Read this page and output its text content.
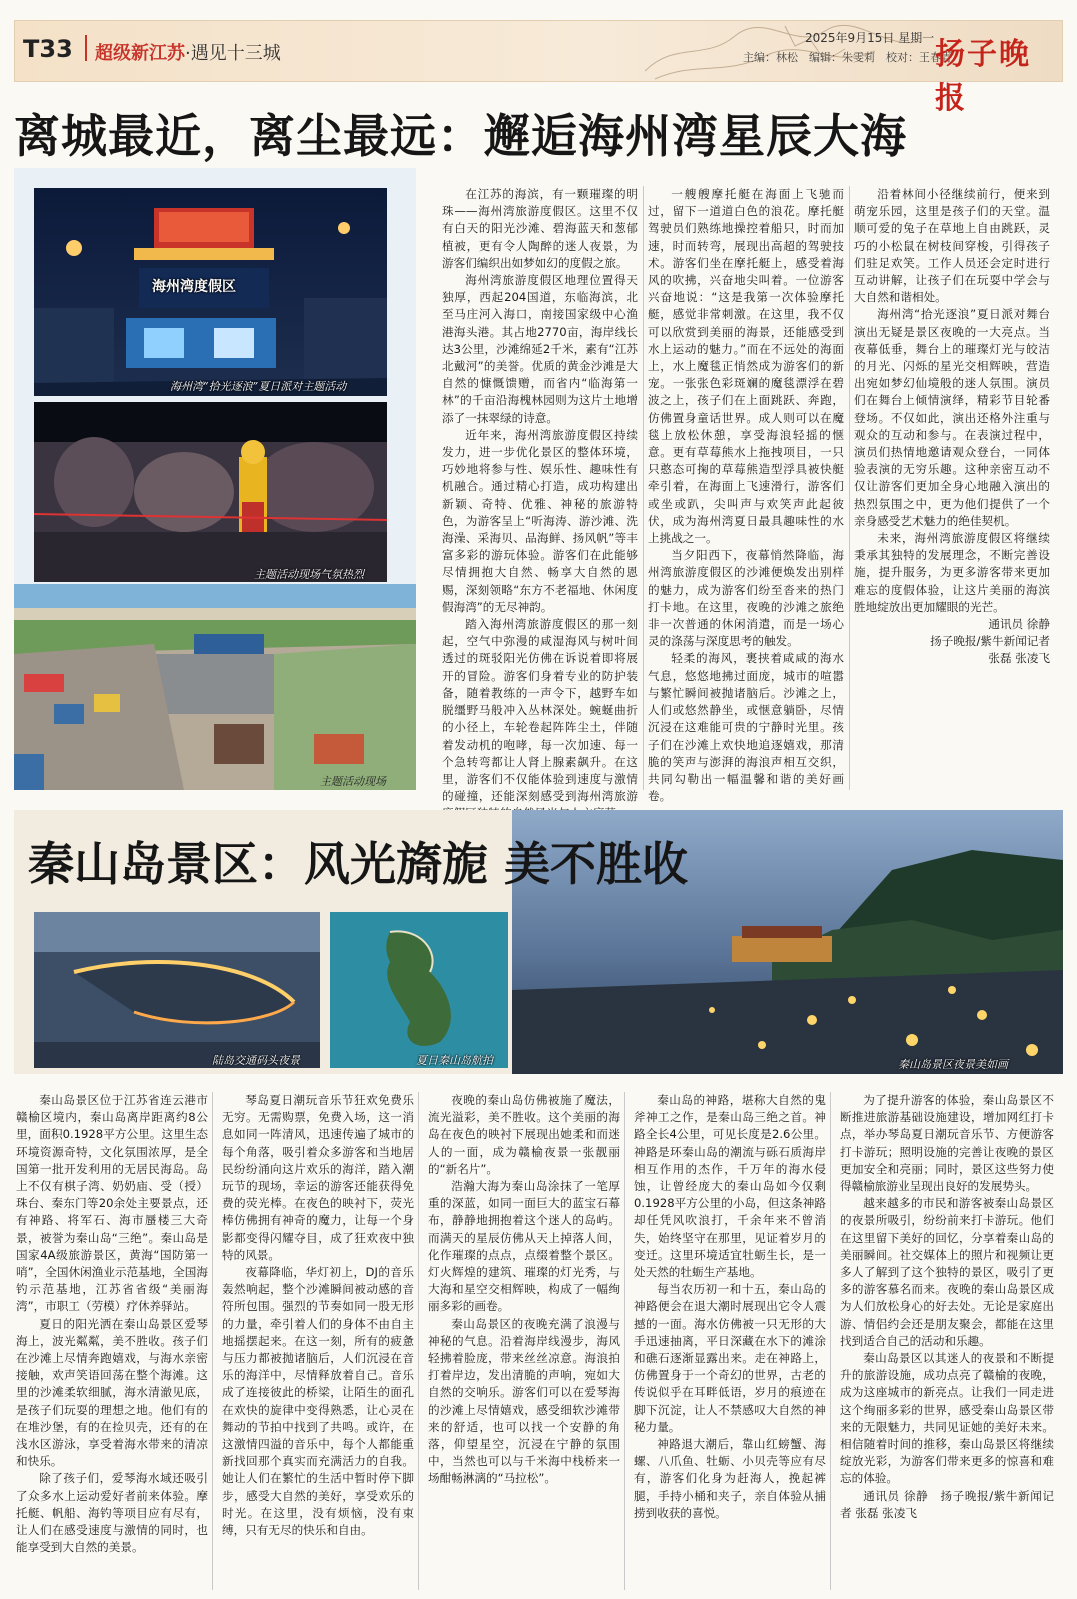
T33 超级新江苏·遇见十三城
2025年9月15日 星期一
主编：林松　编辑：朱雯莉　校对：王春青
扬子晚报
离城最近，离尘最远：邂逅海州湾星辰大海
海州湾度假区
海州湾“拾光逐浪”夏日派对主题活动
主题活动现场气氛热烈
主题活动现场

在江苏的海滨，有一颗璀璨的明珠——海州湾旅游度假区。这里不仅有白天的阳光沙滩、碧海蓝天和葱郁植被，更有令人陶醉的迷人夜景，为游客们编织出如梦如幻的度假之旅。

海州湾旅游度假区地理位置得天独厚，西起204国道，东临海滨，北至马庄河入海口，南接国家级中心渔港海头港。其占地2770亩，海岸线长达3公里，沙滩绵延2千米，素有“江苏北戴河”的美誉。优质的黄金沙滩是大自然的慷慨馈赠，而省内“临海第一林”的千亩沿海槐林园则为这片土地增添了一抹翠绿的诗意。

近年来，海州湾旅游度假区持续发力，进一步优化景区的整体环境，巧妙地将参与性、娱乐性、趣味性有机融合。通过精心打造，成功构建出新颖、奇特、优雅、神秘的旅游特色，为游客呈上“听海涛、游沙滩、洗海澡、采海贝、品海鲜、扬风帆”等丰富多彩的游玩体验。游客们在此能够尽情拥抱大自然、畅享大自然的恩赐，深刻领略“东方不老福地、休闲度假海湾”的无尽神韵。

踏入海州湾旅游度假区的那一刻起，空气中弥漫的咸湿海风与树叶间透过的斑驳阳光仿佛在诉说着即将展开的冒险。游客们身着专业的防护装备，随着教练的一声令下，越野车如脱缰野马般冲入丛林深处。蜿蜒曲折的小径上，车轮卷起阵阵尘土，伴随着发动机的咆哮，每一次加速、每一个急转弯都让人肾上腺素飙升。在这里，游客们不仅能体验到速度与激情的碰撞，还能深刻感受到海州湾旅游

一艘艘摩托艇在海面上飞驰而过，留下一道道白色的浪花。摩托艇驾驶员们熟练地操控着船只，时而加速，时而转弯，展现出高超的驾驶技术。游客们坐在摩托艇上，感受着海风的吹拂，兴奋地尖叫着。一位游客兴奋地说：“这是我第一次体验摩托艇，感觉非常刺激。在这里，我不仅可以欣赏到美丽的海景，还能感受到水上运动的魅力。”而在不远处的海面上，水上魔毯正悄然成为游客们的新宠。一张张色彩斑斓的魔毯漂浮在碧波之上，孩子们在上面跳跃、奔跑，仿佛置身童话世界。成人则可以在魔毯上放松休憩，享受海浪轻摇的惬意。更有草莓熊水上拖拽项目，一只只憨态可掬的草莓熊造型浮具被快艇牵引着，在海面上飞速滑行，游客们或坐或趴，尖叫声与欢笑声此起彼伏，成为海州湾夏日最具趣味性的水上挑战之一。

当夕阳西下，夜幕悄然降临，海州湾旅游度假区的沙滩便焕发出别样的魅力，成为游客们纷至沓来的热门打卡地。在这里，夜晚的沙滩之旅绝非一次普通的休闲消遣，而是一场心灵的涤荡与深度思考的触发。

轻柔的海风，裹挟着咸咸的海水气息，悠悠地拂过面庞，城市的喧嚣与繁忙瞬间被抛诸脑后。沙滩之上，人们或悠然静坐，或惬意躺卧，尽情沉浸在这难能可贵的宁静时光里。孩子们在沙滩上欢快地追逐嬉戏，那清脆的笑声与澎湃的海浪声相互交织，共同勾勒出一幅温馨和谐的美好画卷。

沿着林间小径继续前行，便来到萌宠乐园，这里是孩子们的天堂。温顺可爱的兔子在草地上自由跳跃，灵巧的小松鼠在树枝间穿梭，引得孩子们驻足欢笑。工作人员还会定时进行互动讲解，让孩子们在玩耍中学会与大自然和谐相处。

海州湾“拾光逐浪”夏日派对舞台演出无疑是景区夜晚的一大亮点。当夜幕低垂，舞台上的璀璨灯光与皎洁的月光、闪烁的星光交相辉映，营造出宛如梦幻仙境般的迷人氛围。演员们在舞台上倾情演绎，精彩节目轮番登场。不仅如此，演出还格外注重与观众的互动和参与。在表演过程中，演员们热情地邀请观众登台，一同体验表演的无穷乐趣。这种亲密互动不仅让游客们更加全身心地融入演出的热烈氛围之中，更为他们提供了一个亲身感受艺术魅力的绝佳契机。

未来，海州湾旅游度假区将继续秉承其独特的发展理念，不断完善设施，提升服务，为更多游客带来更加难忘的度假体验，让这片美丽的海滨胜地绽放出更加耀眼的光芒。

通讯员 徐静

扬子晚报/紫牛新闻记者

张磊 张凌飞

秦山岛景区夜景美如画
秦山岛景区：风光旖旎 美不胜收
陆岛交通码头夜景	夏日秦山岛航拍

秦山岛景区位于江苏省连云港市赣榆区境内，秦山岛离岸距离约8公里，面积0.1928平方公里。这里生态环境资源奇特，文化氛围浓厚，是全国第一批开发利用的无居民海岛。岛上不仅有棋子湾、奶奶庙、受（授）珠台、秦东门等20余处主要景点，还有神路、将军石、海市蜃楼三大奇景，被誉为秦山岛“三绝”。秦山岛是国家4A级旅游景区，黄海“国防第一哨”，全国休闲渔业示范基地，全国海钓示范基地，江苏省省级“美丽海湾”，市职工（劳模）疗休养驿站。

夏日的阳光洒在秦山岛景区爱琴海上，波光粼粼，美不胜收。孩子们在沙滩上尽情奔跑嬉戏，与海水亲密接触，欢声笑语回荡在整个海滩。这里的沙滩柔软细腻，海水清澈见底，是孩子们玩耍的理想之地。他们有的在堆沙堡，有的在捡贝壳，还有的在浅水区游泳，享受着海水带来的清凉和快乐。

除了孩子们，爱琴海水域还吸引了众多水上运动爱好者前来体验。摩托艇、帆船、海钓等项目应有尽有，让人们在感受速度与激情的同时，也能享受到大自然的美景。

琴岛夏日潮玩音乐节狂欢免费乐无穷。无需购票，免费入场，这一消息如同一阵清风，迅速传遍了城市的每个角落，吸引着众多游客和当地居民纷纷涌向这片欢乐的海洋，踏入潮玩节的现场，幸运的游客还能获得免费的荧光棒。在夜色的映衬下，荧光棒仿佛拥有神奇的魔力，让每一个身影都变得闪耀夺目，成了狂欢夜中独特的风景。

夜幕降临，华灯初上，DJ的音乐轰然响起，整个沙滩瞬间被动感的音符所包围。强烈的节奏如同一股无形的力量，牵引着人们的身体不由自主地摇摆起来。在这一刻，所有的疲惫与压力都被抛诸脑后，人们沉浸在音乐的海洋中，尽情释放着自己。音乐成了连接彼此的桥梁，让陌生的面孔在欢快的旋律中变得熟悉，让心灵在舞动的节拍中找到了共鸣。或许，在这激情四溢的音乐中，每个人都能重新找回那个真实而充满活力的自我。她让人们在繁忙的生活中暂时停下脚步，感受大自然的美好，享受欢乐的时光。在这里，没有烦恼，没有束缚，只有无尽的快乐和自由。

夜晚的秦山岛仿佛被施了魔法，流光溢彩，美不胜收。这个美丽的海岛在夜色的映衬下展现出她柔和而迷人的一面，成为赣榆夜景一张靓丽的“新名片”。

浩瀚大海为秦山岛涂抹了一笔厚重的深蓝，如同一面巨大的蓝宝石幕布，静静地拥抱着这个迷人的岛屿。而满天的星辰仿佛从天上掉落人间，化作璀璨的点点，点缀着整个景区。灯火辉煌的建筑、璀璨的灯光秀，与大海和星空交相辉映，构成了一幅绚丽多彩的画卷。

秦山岛景区的夜晚充满了浪漫与神秘的气息。沿着海岸线漫步，海风轻拂着脸庞，带来丝丝凉意。海浪拍打着岸边，发出清脆的声响，宛如大自然的交响乐。游客们可以在爱琴海的沙滩上尽情嬉戏，感受细软沙滩带来的舒适，也可以找一个安静的角落，仰望星空，沉浸在宁静的氛围中，当然也可以与千米海中栈桥来一场酣畅淋漓的“马拉松”。

秦山岛的神路，堪称大自然的鬼斧神工之作，是秦山岛三绝之首。神路全长4公里，可见长度是2.6公里。神路是环秦山岛的潮流与砾石质海岸相互作用的杰作，千万年的海水侵蚀，让曾经庞大的秦山岛如今仅剩0.1928平方公里的小岛，但这条神路却任凭风吹浪打，千余年来不曾消失，始终坚守在那里，见证着岁月的变迁。这里环境适宜牡蛎生长，是一处天然的牡蛎生产基地。

每当农历初一和十五，秦山岛的神路便会在退大潮时展现出它令人震撼的一面。海水仿佛被一只无形的大手迅速抽离，平日深藏在水下的滩涂和礁石逐渐显露出来。走在神路上，仿佛置身于一个奇幻的世界，古老的传说似乎在耳畔低语，岁月的痕迹在脚下沉淀，让人不禁感叹大自然的神秘力量。

神路退大潮后，靠山红螃蟹、海螺、八爪鱼、牡蛎、小贝壳等应有尽有，游客们化身为赶海人，挽起裤腿，手持小桶和夹子，亲自体验从捕捞到收获的喜悦。

为了提升游客的体验，秦山岛景区不断推进旅游基础设施建设，增加网红打卡点，举办琴岛夏日潮玩音乐节、方便游客打卡游玩；照明设施的完善让夜晚的景区更加安全和亮丽；同时，景区这些努力使得赣榆旅游业呈现出良好的发展势头。

越来越多的市民和游客被秦山岛景区的夜景所吸引，纷纷前来打卡游玩。他们在这里留下美好的回忆，分享着秦山岛的美丽瞬间。社交媒体上的照片和视频让更多人了解到了这个独特的景区，吸引了更多的游客慕名而来。夜晚的秦山岛景区成为人们放松身心的好去处。无论是家庭出游、情侣约会还是朋友聚会，都能在这里找到适合自己的活动和乐趣。

秦山岛景区以其迷人的夜景和不断提升的旅游设施，成功点亮了赣榆的夜晚，成为这座城市的新亮点。让我们一同走进这个绚丽多彩的世界，感受秦山岛景区带来的无限魅力，共同见证她的美好未来。相信随着时间的推移，秦山岛景区将继续绽放光彩，为游客们带来更多的惊喜和难忘的体验。

通讯员 徐静　扬子晚报/紫牛新闻记者 张磊 张凌飞
